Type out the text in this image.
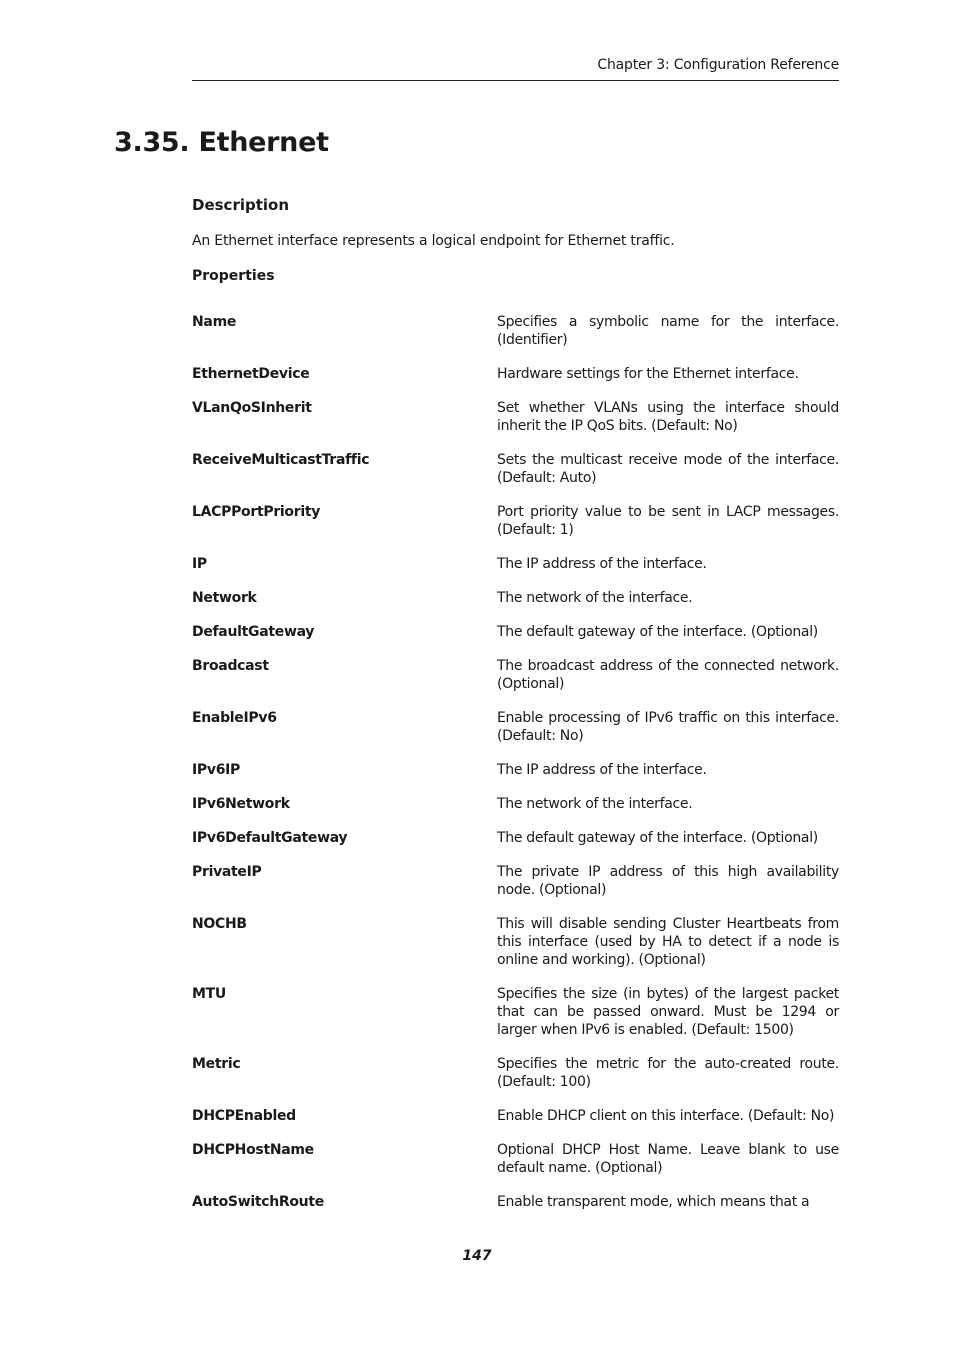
Chapter 3: Configuration Reference
3.35. Ethernet
Description
An Ethernet interface represents a logical endpoint for Ethernet traffic.
Properties
Name	Specifies a symbolic name for the interface. (Identifier)
EthernetDevice	Hardware settings for the Ethernet interface.
VLanQoSInherit	Set whether VLANs using the interface should inherit the IP QoS bits. (Default: No)
ReceiveMulticastTraffic	Sets the multicast receive mode of the interface. (Default: Auto)
LACPPortPriority	Port priority value to be sent in LACP messages. (Default: 1)
IP	The IP address of the interface.
Network	The network of the interface.
DefaultGateway	The default gateway of the interface. (Optional)
Broadcast	The broadcast address of the connected network. (Optional)
EnableIPv6	Enable processing of IPv6 traffic on this interface. (Default: No)
IPv6IP	The IP address of the interface.
IPv6Network	The network of the interface.
IPv6DefaultGateway	The default gateway of the interface. (Optional)
PrivateIP	The private IP address of this high availability node. (Optional)
NOCHB	This will disable sending Cluster Heartbeats from this interface (used by HA to detect if a node is online and working). (Optional)
MTU	Specifies the size (in bytes) of the largest packet that can be passed onward. Must be 1294 or larger when IPv6 is enabled. (Default: 1500)
Metric	Specifies the metric for the auto-created route. (Default: 100)
DHCPEnabled	Enable DHCP client on this interface. (Default: No)
DHCPHostName	Optional DHCP Host Name. Leave blank to use default name. (Optional)
AutoSwitchRoute	Enable transparent mode, which means that a
147
